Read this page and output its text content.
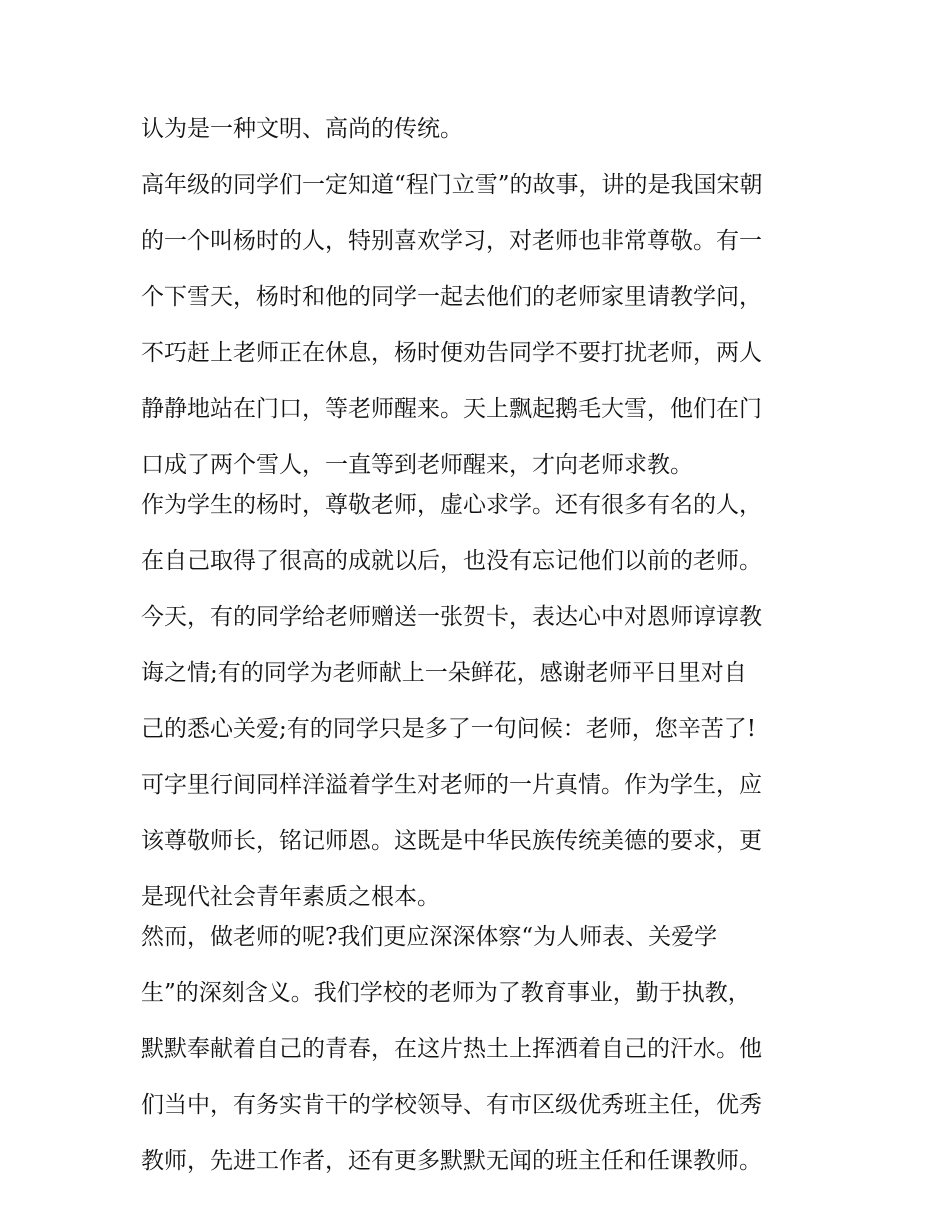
认为是一种文明、高尚的传统。
高年级的同学们一定知道“程门立雪”的故事，讲的是我国宋朝
的一个叫杨时的人，特别喜欢学习，对老师也非常尊敬。有一
个下雪天，杨时和他的同学一起去他们的老师家里请教学问，
不巧赶上老师正在休息，杨时便劝告同学不要打扰老师，两人
静静地站在门口，等老师醒来。天上飘起鹅毛大雪，他们在门
口成了两个雪人，一直等到老师醒来，才向老师求教。
作为学生的杨时，尊敬老师，虚心求学。还有很多有名的人，
在自己取得了很高的成就以后，也没有忘记他们以前的老师。
今天，有的同学给老师赠送一张贺卡，表达心中对恩师谆谆教
诲之情;有的同学为老师献上一朵鲜花，感谢老师平日里对自
己的悉心关爱;有的同学只是多了一句问候：老师，您辛苦了!
可字里行间同样洋溢着学生对老师的一片真情。作为学生，应
该尊敬师长，铭记师恩。这既是中华民族传统美德的要求，更
是现代社会青年素质之根本。
然而，做老师的呢?我们更应深深体察“为人师表、关爱学
生”的深刻含义。我们学校的老师为了教育事业，勤于执教，
默默奉献着自己的青春，在这片热土上挥洒着自己的汗水。他
们当中，有务实肯干的学校领导、有市区级优秀班主任，优秀
教师，先进工作者，还有更多默默无闻的班主任和任课教师。
